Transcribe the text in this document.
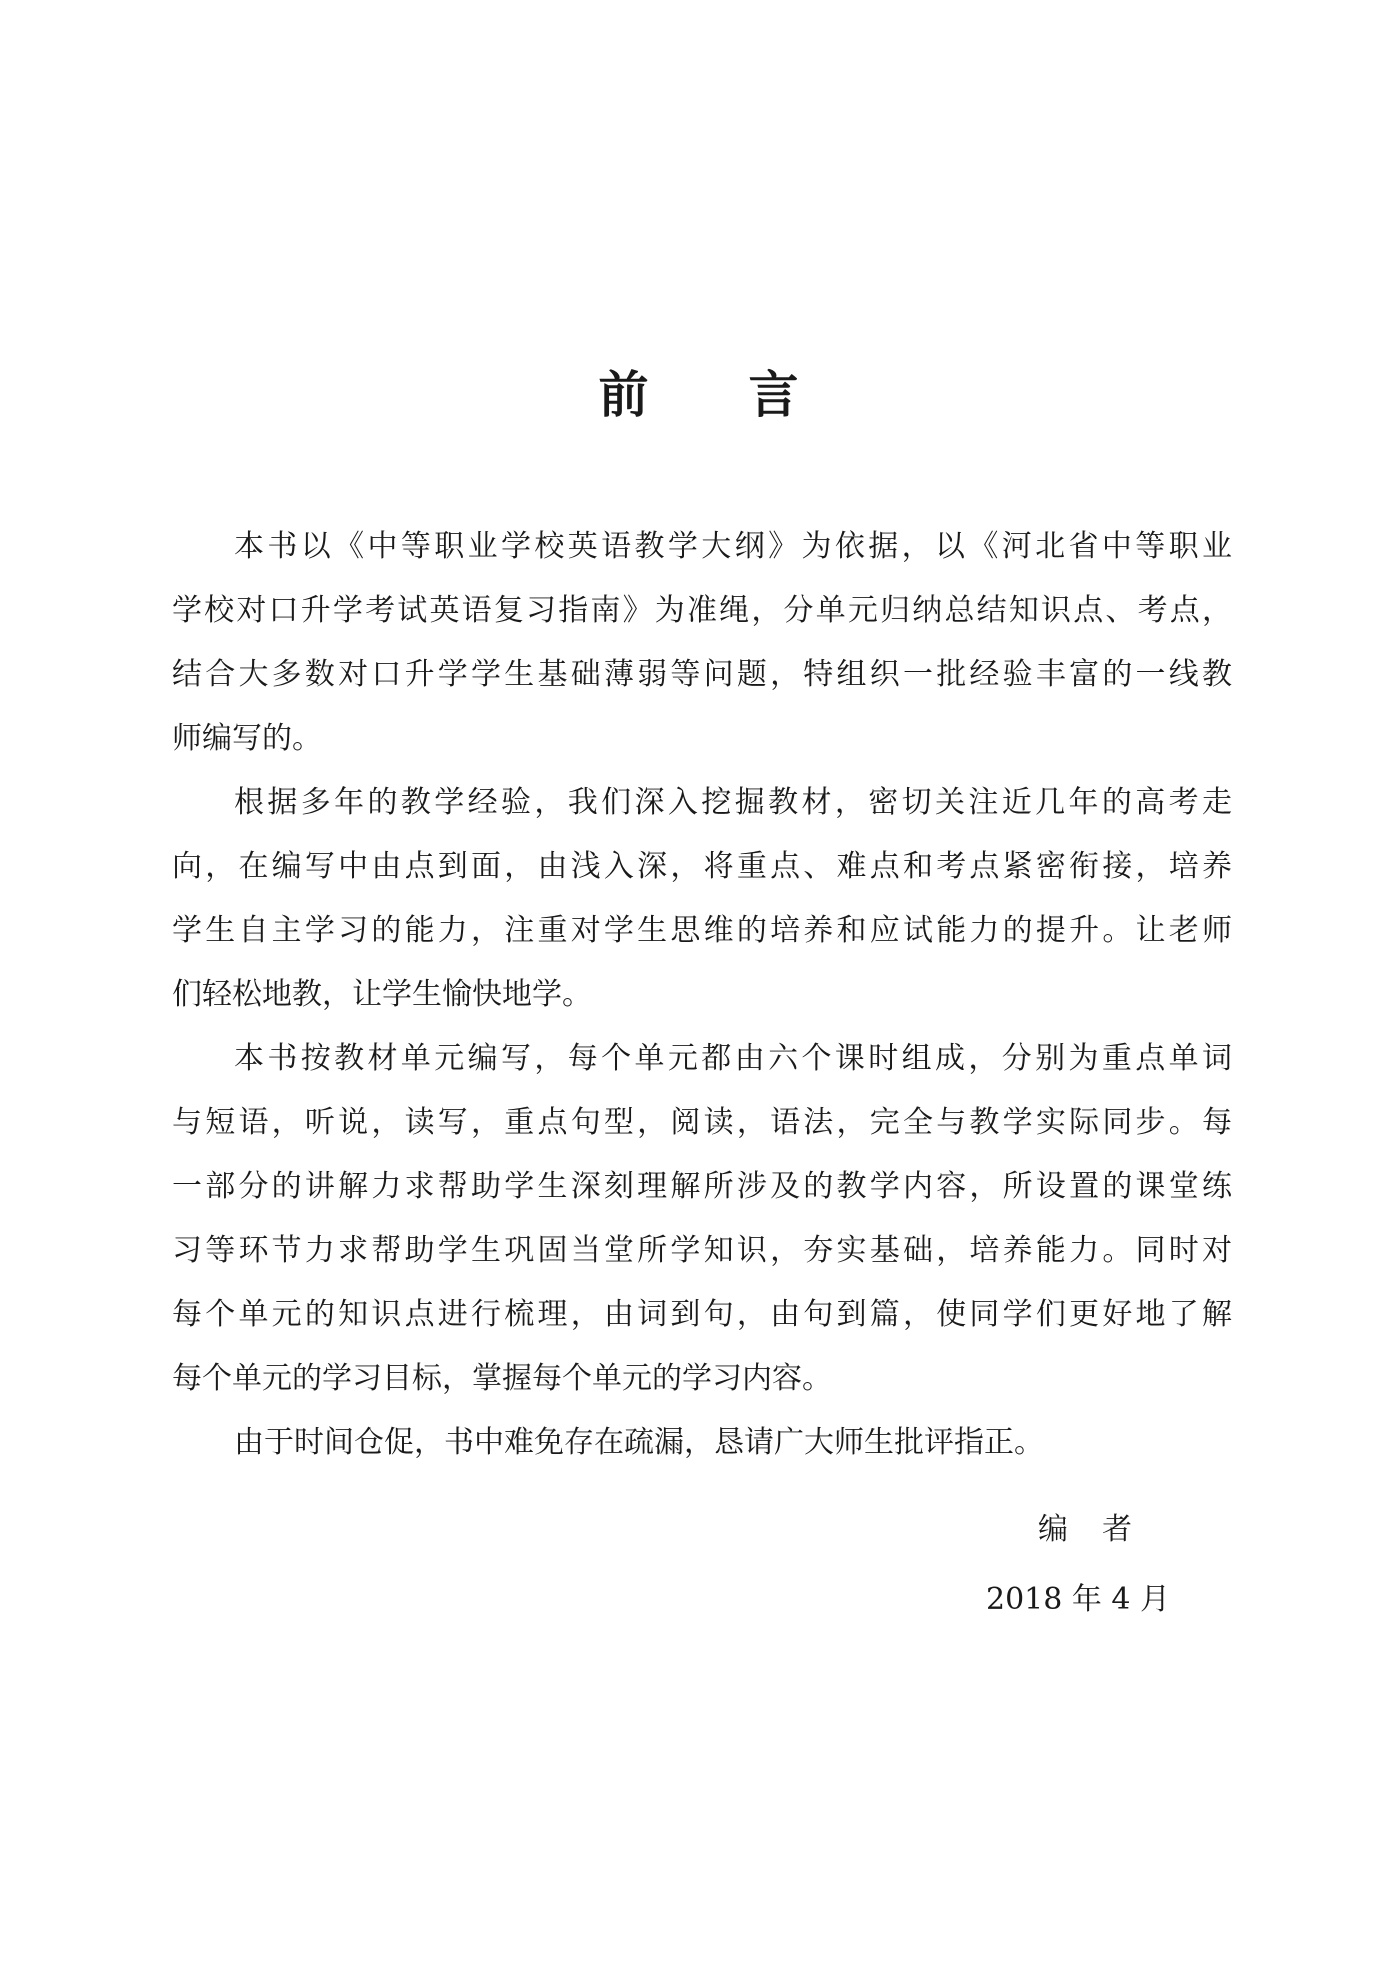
前 言

本书以《中等职业学校英语教学大纲》为依据，以《河北省中等职业
学校对口升学考试英语复习指南》为准绳，分单元归纳总结知识点、考点，
结合大多数对口升学学生基础薄弱等问题，特组织一批经验丰富的一线教
师编写的。

根据多年的教学经验，我们深入挖掘教材，密切关注近几年的高考走
向，在编写中由点到面，由浅入深，将重点、难点和考点紧密衔接，培养
学生自主学习的能力，注重对学生思维的培养和应试能力的提升。让老师
们轻松地教，让学生愉快地学。

本书按教材单元编写，每个单元都由六个课时组成，分别为重点单词
与短语，听说，读写，重点句型，阅读，语法，完全与教学实际同步。每
一部分的讲解力求帮助学生深刻理解所涉及的教学内容，所设置的课堂练
习等环节力求帮助学生巩固当堂所学知识，夯实基础，培养能力。同时对
每个单元的知识点进行梳理，由词到句，由句到篇，使同学们更好地了解
每个单元的学习目标，掌握每个单元的学习内容。

由于时间仓促，书中难免存在疏漏，恳请广大师生批评指正。

编者
2018 年 4 月
